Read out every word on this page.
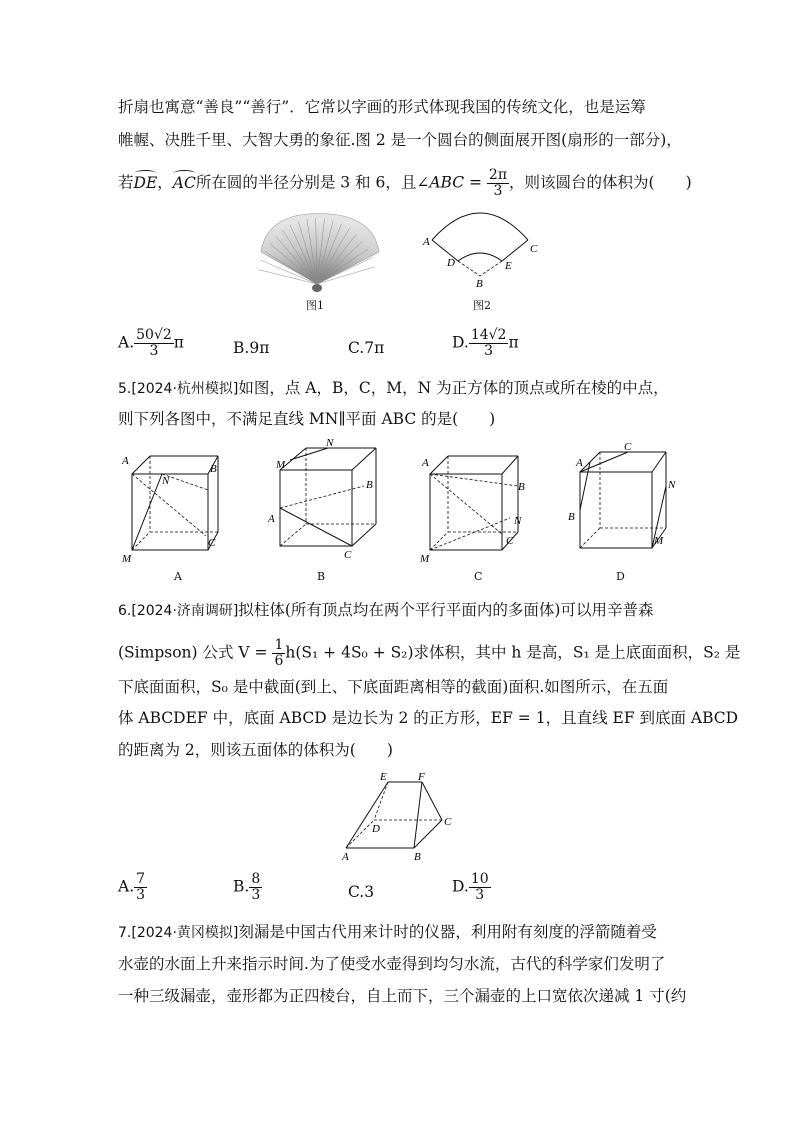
折扇也寓意“善良”“善行”．它常以字画的形式体现我国的传统文化，也是运筹
帷幄、决胜千里、大智大勇的象征.图 2 是一个圆台的侧面展开图(扇形的一部分)，
若DE
，AC
所在圆的半径分别是 3 和 6，且∠ABC = $\frac{2\pi}{3}$ ，则该圆台的体积为(　　)
图1
A
C
D	E
B
图2
A. $\frac{50√2}{3}$ π	B.9π	C.7π	D. $\frac{14√2}{3}$ π
5.[2024·杭州模拟]如图，点 A，B，C，M，N 为正方体的顶点或所在棱的中点，
则下列各图中，不满足直线 MN∥平面 ABC 的是(　　)
A
B
N
C
M
N
M
B
A
C
A
B
N
C
M
A
C
N
B
M
A	B	C	D
6.[2024·济南调研]拟柱体(所有顶点均在两个平行平面内的多面体)可以用辛普森
(Simpson) 公式 $V = \frac{1}{6} h(S_1 + 4S_0 + S_2)$求体积，其中 h 是高，S₁ 是上底面面积，S₂ 是
下底面面积，S₀ 是中截面(到上、下底面距离相等的截面)面积.如图所示，在五面
体 ABCDEF 中，底面 ABCD 是边长为 2 的正方形，EF = 1，且直线 EF 到底面 ABCD
的距离为 2，则该五面体的体积为(　　)
E	F
D
C
A	B
A. $\frac{7}{3}$	B. $\frac{8}{3}$	C.3	D. $\frac{10}{3}$
7.[2024·黄冈模拟]刻漏是中国古代用来计时的仪器，利用附有刻度的浮箭随着受
水壶的水面上升来指示时间.为了使受水壶得到均匀水流，古代的科学家们发明了
一种三级漏壶，壶形都为正四棱台，自上而下，三个漏壶的上口宽依次递减 1 寸(约
